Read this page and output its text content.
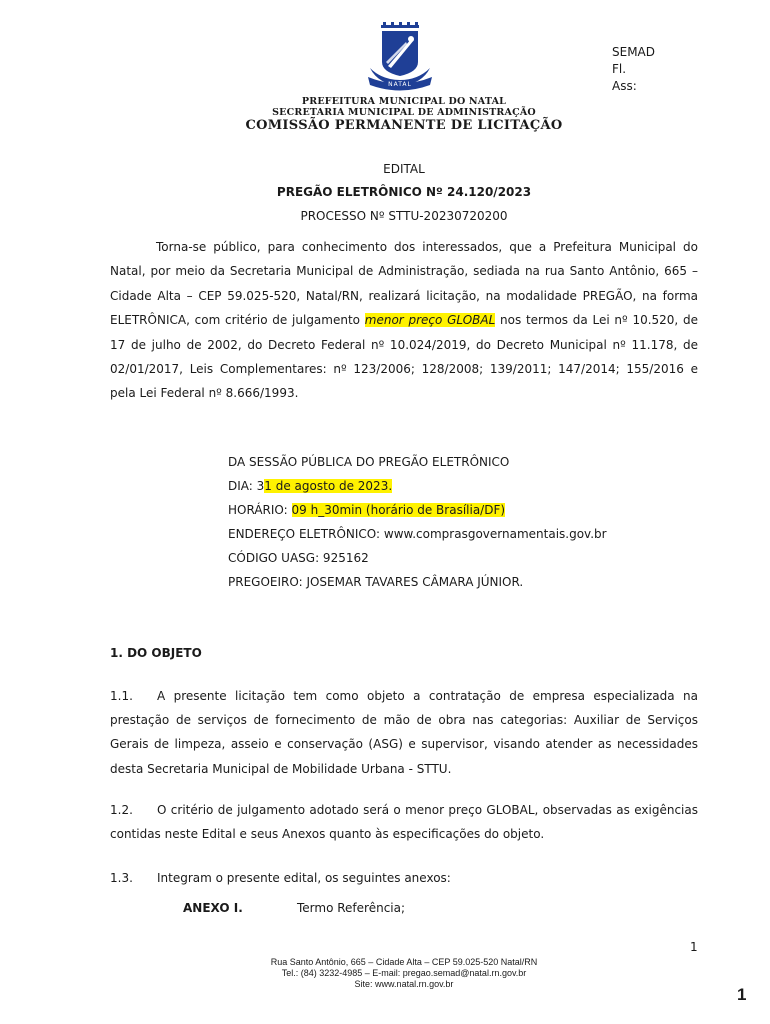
NATAL
SEMAD
Fl.
Ass:
PREFEITURA MUNICIPAL DO NATAL
SECRETARIA MUNICIPAL DE ADMINISTRAÇÃO
COMISSÃO PERMANENTE DE LICITAÇÃO
EDITAL
PREGÃO ELETRÔNICO Nº 24.120/2023
PROCESSO Nº STTU-20230720200
Torna-se público, para conhecimento dos interessados, que a Prefeitura Municipal do Natal, por meio da Secretaria Municipal de Administração, sediada na rua Santo Antônio, 665 – Cidade Alta – CEP 59.025-520, Natal/RN, realizará licitação, na modalidade PREGÃO, na forma ELETRÔNICA, com critério de julgamento menor preço GLOBAL nos termos da Lei nº 10.520, de 17 de julho de 2002, do Decreto Federal nº 10.024/2019, do Decreto Municipal nº 11.178, de 02/01/2017, Leis Complementares: nº 123/2006; 128/2008; 139/2011; 147/2014; 155/2016 e pela Lei Federal nº 8.666/1993.
DA SESSÃO PÚBLICA DO PREGÃO ELETRÔNICO
DIA: 31 de agosto de 2023.
HORÁRIO: 09 h_30min (horário de Brasília/DF)
ENDEREÇO ELETRÔNICO: www.comprasgovernamentais.gov.br
CÓDIGO UASG: 925162
PREGOEIRO: JOSEMAR TAVARES CÂMARA JÚNIOR.
1. DO OBJETO
1.1. A presente licitação tem como objeto a contratação de empresa especializada na prestação de serviços de fornecimento de mão de obra nas categorias: Auxiliar de Serviços Gerais de limpeza, asseio e conservação (ASG) e supervisor, visando atender as necessidades desta Secretaria Municipal de Mobilidade Urbana - STTU.
1.2. O critério de julgamento adotado será o menor preço GLOBAL, observadas as exigências contidas neste Edital e seus Anexos quanto às especificações do objeto.
1.3. Integram o presente edital, os seguintes anexos:
ANEXO I.	Termo Referência;
1
Rua Santo Antônio, 665 – Cidade Alta – CEP 59.025-520 Natal/RN
Tel.: (84) 3232-4985 – E-mail: pregao.semad@natal.rn.gov.br
Site: www.natal.rn.gov.br
1
